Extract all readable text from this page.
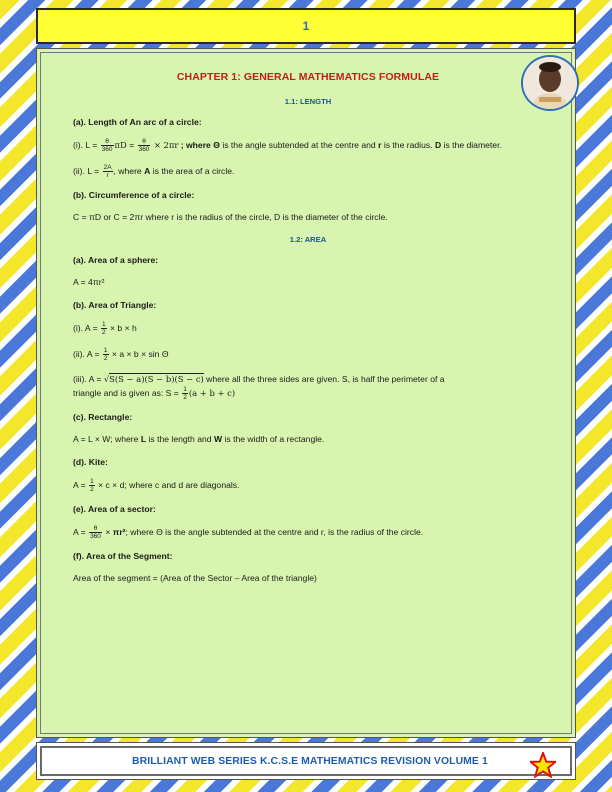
1
CHAPTER 1: GENERAL MATHEMATICS FORMULAE
1.1: LENGTH
(a). Length of An arc of a circle:
(i). $L = \frac{\theta}{360}$ $\pi D = \frac{\theta}{360} \times 2\pi r$ ; where Θ is the angle subtended at the centre and r is the radius. D is the diameter.
(ii). $L = \frac{2A}{r}$ , where A is the area of a circle.
(b). Circumference of a circle:
C = πD or C = 2πr where r is the radius of the circle, D is the diameter of the circle.
1.2: AREA
(a). Area of a sphere:
A = 4πr²
(b). Area of Triangle:
(i). $A = \frac{1}{2} \times b \times h$
(ii). $A = \frac{1}{2} \times a \times b \times \sin \Theta$
(iii). A = √S(S − a)(S − b)(S − c) where all the three sides are given. S, is half the perimeter of a
triangle and is given as: $S = \frac{1}{2} (a + b + c)$
(c). Rectangle:
A = L × W; where L is the length and W is the width of a rectangle.
(d). Kite:
$A = \frac{1}{2} \times c \times d$; where c and d are diagonals.
(e). Area of a sector:
$A = \frac{\theta}{360} \times \pi r^2$; where Θ is the angle subtended at the centre and r, is the radius of the circle.
(f). Area of the Segment:
Area of the segment = (Area of the Sector – Area of the triangle)
BRILLIANT WEB SERIES K.C.S.E MATHEMATICS REVISION VOLUME 1
